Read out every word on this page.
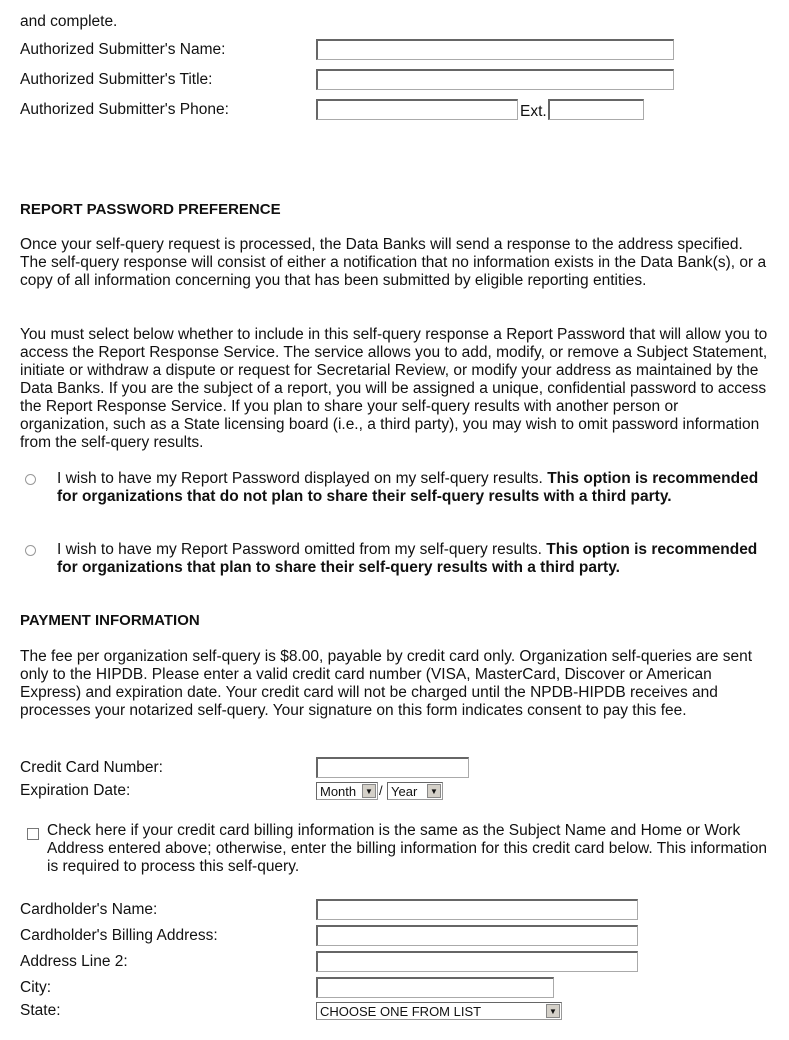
and complete.
Authorized Submitter's Name:
Authorized Submitter's Title:
Authorized Submitter's Phone:	Ext.
REPORT PASSWORD PREFERENCE
Once your self-query request is processed, the Data Banks will send a response to the address specified. The self-query response will consist of either a notification that no information exists in the Data Bank(s), or a copy of all information concerning you that has been submitted by eligible reporting entities.
You must select below whether to include in this self-query response a Report Password that will allow you to access the Report Response Service. The service allows you to add, modify, or remove a Subject Statement, initiate or withdraw a dispute or request for Secretarial Review, or modify your address as maintained by the Data Banks. If you are the subject of a report, you will be assigned a unique, confidential password to access the Report Response Service. If you plan to share your self-query results with another person or organization, such as a State licensing board (i.e., a third party), you may wish to omit password information from the self-query results.
I wish to have my Report Password displayed on my self-query results. This option is recommended for organizations that do not plan to share their self-query results with a third party.
I wish to have my Report Password omitted from my self-query results. This option is recommended for organizations that plan to share their self-query results with a third party.
PAYMENT INFORMATION
The fee per organization self-query is $8.00, payable by credit card only. Organization self-queries are sent only to the HIPDB. Please enter a valid credit card number (VISA, MasterCard, Discover or American Express) and expiration date. Your credit card will not be charged until the NPDB-HIPDB receives and processes your notarized self-query. Your signature on this form indicates consent to pay this fee.
Credit Card Number:
Expiration Date:	Month	▼ / Year	▼
Check here if your credit card billing information is the same as the Subject Name and Home or Work Address entered above; otherwise, enter the billing information for this credit card below. This information is required to process this self-query.
Cardholder's Name:
Cardholder's Billing Address:
Address Line 2:
City:
State:	CHOOSE ONE FROM LIST	▼
